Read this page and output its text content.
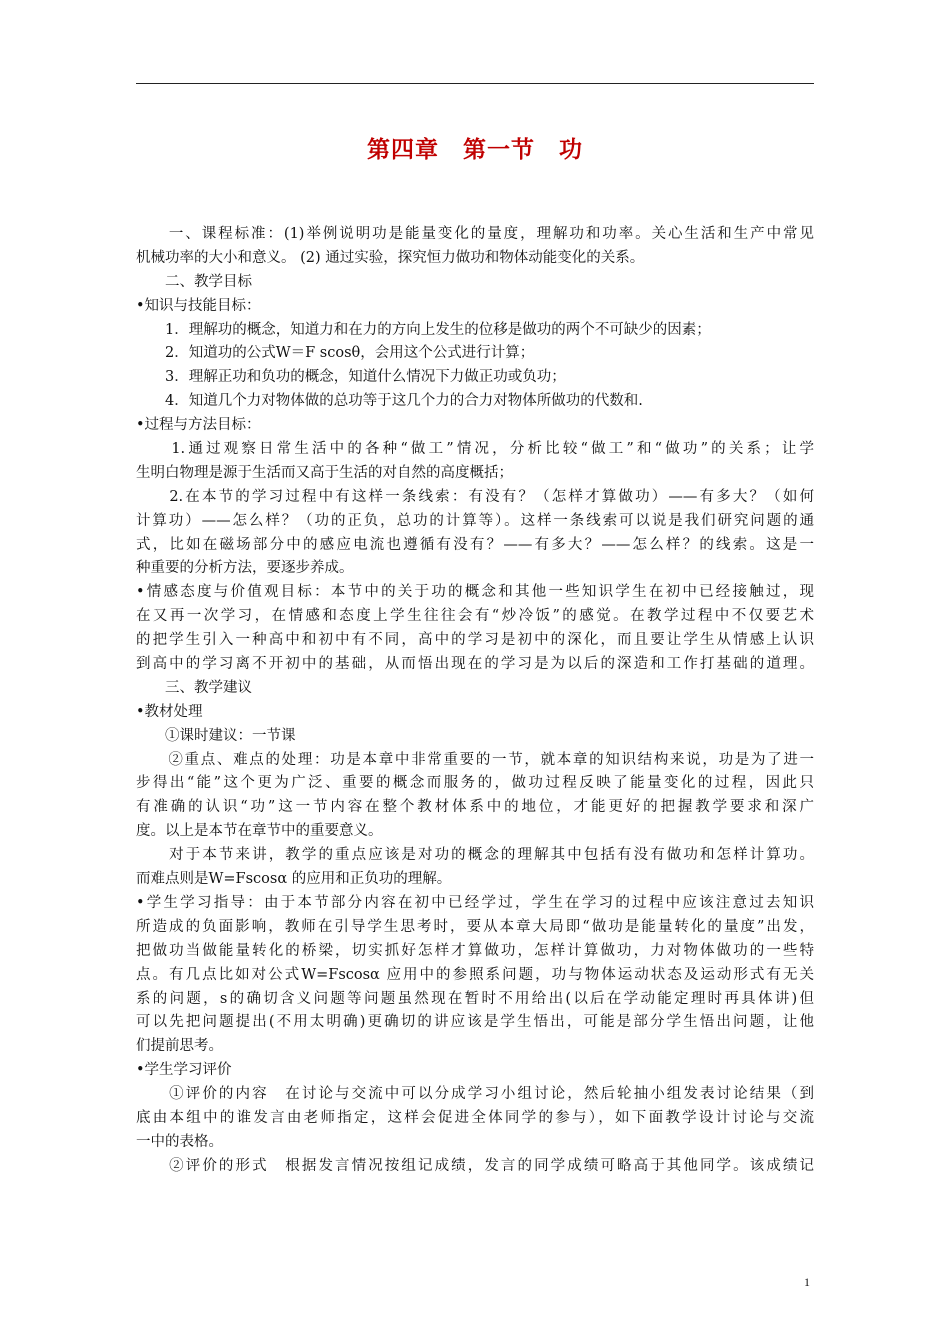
第四章　第一节　功
　　一、课程标准：(1)举例说明功是能量变化的量度，理解功和功率。关心生活和生产中常见
机械功率的大小和意义。 (2) 通过实验，探究恒力做功和物体动能变化的关系。
　　二、教学目标
•知识与技能目标：
　　1．理解功的概念，知道力和在力的方向上发生的位移是做功的两个不可缺少的因素；
　　2．知道功的公式W＝F scosθ，会用这个公式进行计算；
　　3．理解正功和负功的概念，知道什么情况下力做正功或负功；
　　4．知道几个力对物体做的总功等于这几个力的合力对物体所做功的代数和.
•过程与方法目标：
　　1.通过观察日常生活中的各种“做工”情况，分析比较“做工”和“做功”的关系；让学
生明白物理是源于生活而又高于生活的对自然的高度概括；
　　2.在本节的学习过程中有这样一条线索：有没有？（怎样才算做功）——有多大？（如何
计算功）——怎么样？（功的正负，总功的计算等）。这样一条线索可以说是我们研究问题的通
式，比如在磁场部分中的感应电流也遵循有没有？——有多大？——怎么样？的线索。这是一
种重要的分析方法，要逐步养成。
•情感态度与价值观目标：本节中的关于功的概念和其他一些知识学生在初中已经接触过，现
在又再一次学习，在情感和态度上学生往往会有“炒冷饭”的感觉。在教学过程中不仅要艺术
的把学生引入一种高中和初中有不同，高中的学习是初中的深化，而且要让学生从情感上认识
到高中的学习离不开初中的基础，从而悟出现在的学习是为以后的深造和工作打基础的道理。
　　三、教学建议
•教材处理
　　①课时建议：一节课
　　②重点、难点的处理：功是本章中非常重要的一节，就本章的知识结构来说，功是为了进一
步得出“能”这个更为广泛、重要的概念而服务的，做功过程反映了能量变化的过程，因此只
有准确的认识“功”这一节内容在整个教材体系中的地位，才能更好的把握教学要求和深广
度。以上是本节在章节中的重要意义。
　　对于本节来讲，教学的重点应该是对功的概念的理解其中包括有没有做功和怎样计算功。
而难点则是W=Fscosα 的应用和正负功的理解。
•学生学习指导：由于本节部分内容在初中已经学过，学生在学习的过程中应该注意过去知识
所造成的负面影响，教师在引导学生思考时，要从本章大局即“做功是能量转化的量度”出发，
把做功当做能量转化的桥梁，切实抓好怎样才算做功，怎样计算做功，力对物体做功的一些特
点。有几点比如对公式W=Fscosα 应用中的参照系问题，功与物体运动状态及运动形式有无关
系的问题，s的确切含义问题等问题虽然现在暂时不用给出(以后在学动能定理时再具体讲)但
可以先把问题提出(不用太明确)更确切的讲应该是学生悟出，可能是部分学生悟出问题，让他
们提前思考。
•学生学习评价
　　①评价的内容　在讨论与交流中可以分成学习小组讨论，然后轮抽小组发表讨论结果（到
底由本组中的谁发言由老师指定，这样会促进全体同学的参与），如下面教学设计讨论与交流
一中的表格。
　　②评价的形式　根据发言情况按组记成绩，发言的同学成绩可略高于其他同学。该成绩记
1
